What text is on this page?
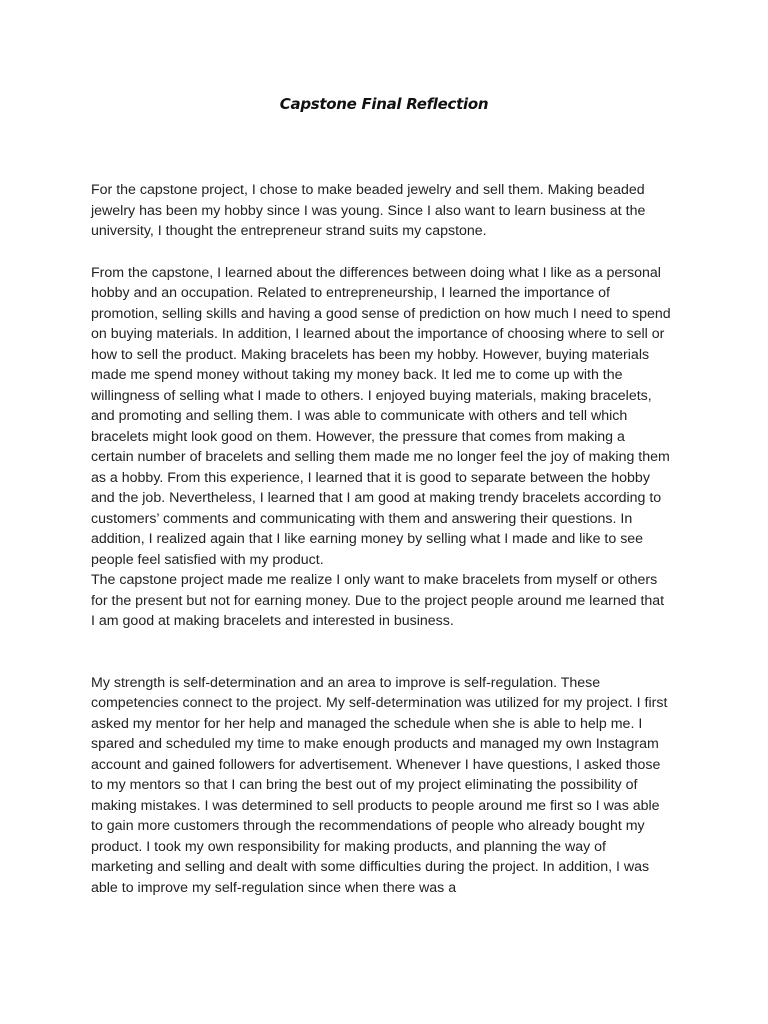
Capstone Final Reflection

For the capstone project, I chose to make beaded jewelry and sell them. Making beaded jewelry has been my hobby since I was young. Since I also want to learn business at the university, I thought the entrepreneur strand suits my capstone.

From the capstone, I learned about the differences between doing what I like as a personal hobby and an occupation. Related to entrepreneurship, I learned the importance of promotion, selling skills and having a good sense of prediction on how much I need to spend on buying materials. In addition, I learned about the importance of choosing where to sell or how to sell the product. Making bracelets has been my hobby. However, buying materials made me spend money without taking my money back. It led me to come up with the willingness of selling what I made to others. I enjoyed buying materials, making bracelets, and promoting and selling them. I was able to communicate with others and tell which bracelets might look good on them. However, the pressure that comes from making a certain number of bracelets and selling them made me no longer feel the joy of making them as a hobby. From this experience, I learned that it is good to separate between the hobby and the job. Nevertheless, I learned that I am good at making trendy bracelets according to customers’ comments and communicating with them and answering their questions. In addition, I realized again that I like earning money by selling what I made and like to see people feel satisfied with my product.

The capstone project made me realize I only want to make bracelets from myself or others for the present but not for earning money. Due to the project people around me learned that I am good at making bracelets and interested in business.

My strength is self-determination and an area to improve is self-regulation. These competencies connect to the project. My self-determination was utilized for my project. I first asked my mentor for her help and managed the schedule when she is able to help me. I spared and scheduled my time to make enough products and managed my own Instagram account and gained followers for advertisement. Whenever I have questions, I asked those to my mentors so that I can bring the best out of my project eliminating the possibility of making mistakes. I was determined to sell products to people around me first so I was able to gain more customers through the recommendations of people who already bought my product. I took my own responsibility for making products, and planning the way of marketing and selling and dealt with some difficulties during the project. In addition, I was able to improve my self-regulation since when there was a
